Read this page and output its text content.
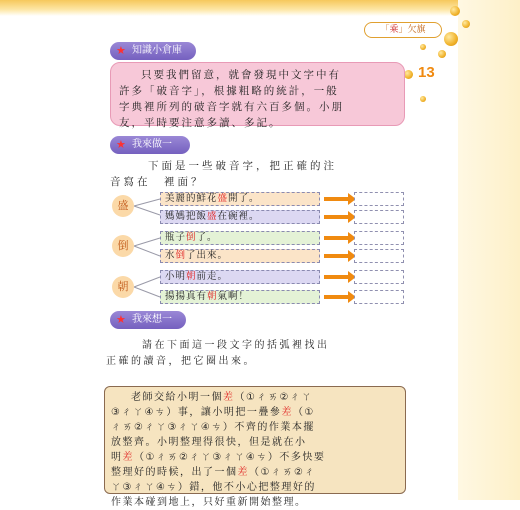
「乘」欠旗
13
★ 知識小倉庫
只要我們留意，就會發現中文字中有
許多「破音字」，根據粗略的統計，一般
字典裡所列的破音字就有六百多個。小朋
友，平時要注意多讀、多記。
★ 我來做一做 下面是一些破音字，把正確的注
音寫在　裡面？
盛
倒
朝
美麗的鮮花盛開了。
媽媽把飯盛在碗裡。
瓶子倒了。
水倒了出來。
小明朝前走。
揚揚真有朝氣啊！
★ 我來想一想
請在下面這一段文字的括弧裡找出
正確的讀音，把它圈出來。
老師交給小明一個差（①ㄔㄞ②ㄔㄚ
③ㄔㄚ④ㄘ）事，讓小明把一疊參差（①
ㄔㄞ②ㄔㄚ③ㄔㄚ④ㄘ）不齊的作業本擺
放整齊。小明整理得很快，但是就在小
明差（①ㄔㄞ②ㄔㄚ③ㄔㄚ④ㄘ）不多快要
整理好的時候，出了一個差（①ㄔㄞ②ㄔ
ㄚ③ㄔㄚ④ㄘ）錯，他不小心把整理好的
作業本碰到地上，只好重新開始整理。
